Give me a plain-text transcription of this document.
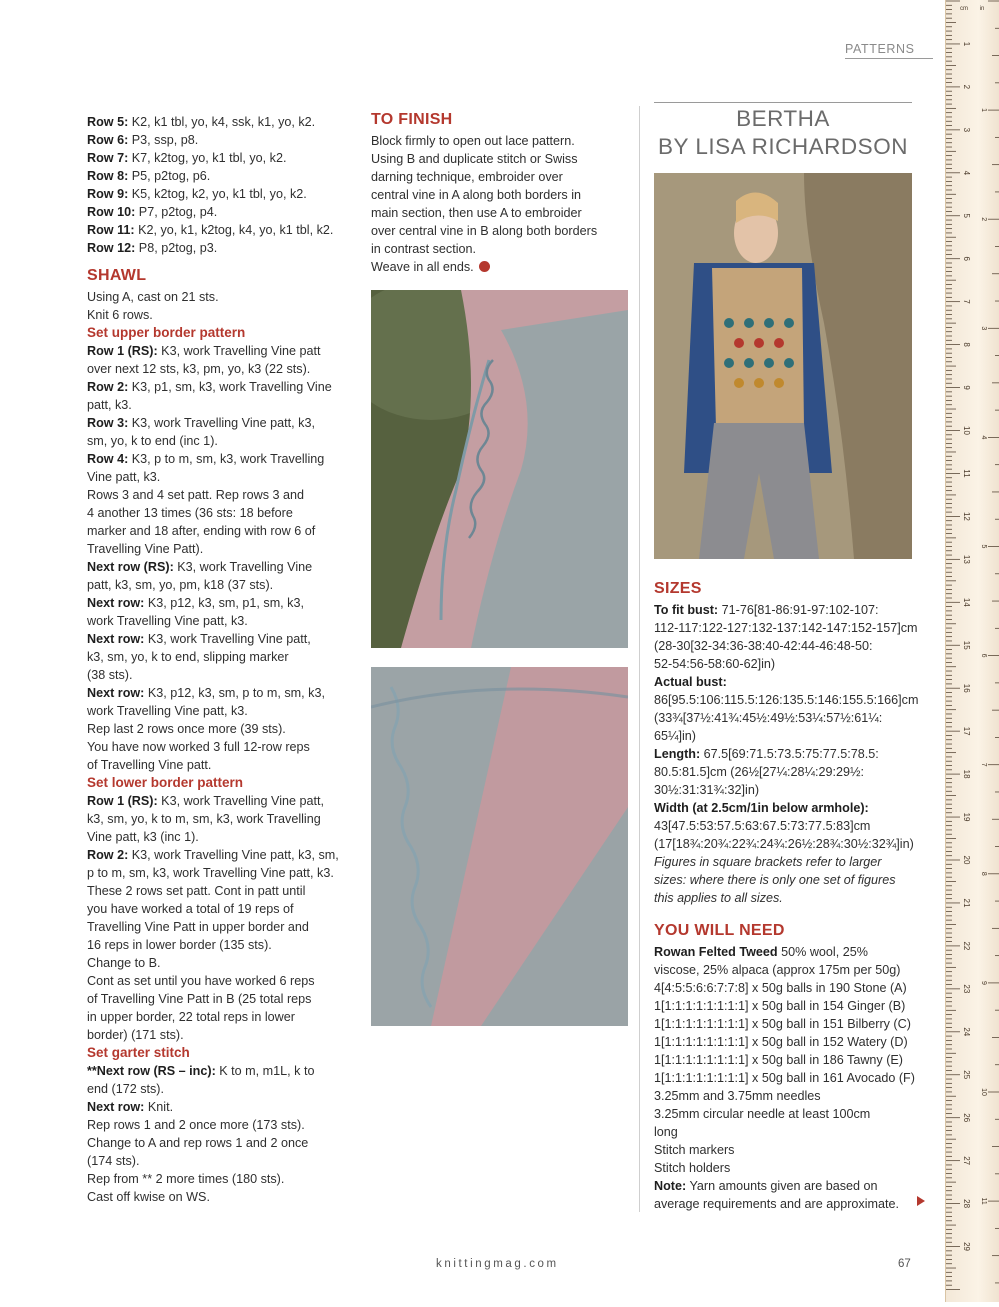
PATTERNS
Row 5: K2, k1 tbl, yo, k4, ssk, k1, yo, k2.
Row 6: P3, ssp, p8.
Row 7: K7, k2tog, yo, k1 tbl, yo, k2.
Row 8: P5, p2tog, p6.
Row 9: K5, k2tog, k2, yo, k1 tbl, yo, k2.
Row 10: P7, p2tog, p4.
Row 11: K2, yo, k1, k2tog, k4, yo, k1 tbl, k2.
Row 12: P8, p2tog, p3.
SHAWL
Using A, cast on 21 sts.
Knit 6 rows.
Set upper border pattern
Row 1 (RS): K3, work Travelling Vine patt
over next 12 sts, k3, pm, yo, k3 (22 sts).
Row 2: K3, p1, sm, k3, work Travelling Vine
patt, k3.
Row 3: K3, work Travelling Vine patt, k3,
sm, yo, k to end (inc 1).
Row 4: K3, p to m, sm, k3, work Travelling
Vine patt, k3.
Rows 3 and 4 set patt. Rep rows 3 and
4 another 13 times (36 sts: 18 before
marker and 18 after, ending with row 6 of
Travelling Vine Patt).
Next row (RS): K3, work Travelling Vine
patt, k3, sm, yo, pm, k18 (37 sts).
Next row: K3, p12, k3, sm, p1, sm, k3,
work Travelling Vine patt, k3.
Next row: K3, work Travelling Vine patt,
k3, sm, yo, k to end, slipping marker
(38 sts).
Next row: K3, p12, k3, sm, p to m, sm, k3,
work Travelling Vine patt, k3.
Rep last 2 rows once more (39 sts).
You have now worked 3 full 12-row reps
of Travelling Vine patt.
Set lower border pattern
Row 1 (RS): K3, work Travelling Vine patt,
k3, sm, yo, k to m, sm, k3, work Travelling
Vine patt, k3 (inc 1).
Row 2: K3, work Travelling Vine patt, k3, sm,
p to m, sm, k3, work Travelling Vine patt, k3.
These 2 rows set patt. Cont in patt until
you have worked a total of 19 reps of
Travelling Vine Patt in upper border and
16 reps in lower border (135 sts).
Change to B.
Cont as set until you have worked 6 reps
of Travelling Vine Patt in B (25 total reps
in upper border, 22 total reps in lower
border) (171 sts).
Set garter stitch
**Next row (RS – inc): K to m, m1L, k to
end (172 sts).
Next row: Knit.
Rep rows 1 and 2 once more (173 sts).
Change to A and rep rows 1 and 2 once
(174 sts).
Rep from ** 2 more times (180 sts).
Cast off kwise on WS.
TO FINISH
Block firmly to open out lace pattern.
Using B and duplicate stitch or Swiss
darning technique, embroider over
central vine in A along both borders in
main section, then use A to embroider
over central vine in B along both borders
in contrast section.
Weave in all ends.
BERTHA
BY LISA RICHARDSON
SIZES
To fit bust: 71-76[81-86:91-97:102-107:
112-117:122-127:132-137:142-147:152-157]cm
(28-30[32-34:36-38:40-42:44-46:48-50:
52-54:56-58:60-62]in)
Actual bust:
86[95.5:106:115.5:126:135.5:146:155.5:166]cm
(33¾[37½:41¾:45½:49½:53¼:57½:61¼:
65¼]in)
Length: 67.5[69:71.5:73.5:75:77.5:78.5:
80.5:81.5]cm (26½[27¼:28¼:29:29½:
30½:31:31¾:32]in)
Width (at 2.5cm/1in below armhole):
43[47.5:53:57.5:63:67.5:73:77.5:83]cm
(17[18¾:20¾:22¾:24¾:26½:28¾:30½:32¾]in)
Figures in square brackets refer to larger
sizes: where there is only one set of figures
this applies to all sizes.
YOU WILL NEED
Rowan Felted Tweed 50% wool, 25%
viscose, 25% alpaca (approx 175m per 50g)
4[4:5:5:6:6:7:7:8] x 50g balls in 190 Stone (A)
1[1:1:1:1:1:1:1:1] x 50g ball in 154 Ginger (B)
1[1:1:1:1:1:1:1:1] x 50g ball in 151 Bilberry (C)
1[1:1:1:1:1:1:1:1] x 50g ball in 152 Watery (D)
1[1:1:1:1:1:1:1:1] x 50g ball in 186 Tawny (E)
1[1:1:1:1:1:1:1:1] x 50g ball in 161 Avocado (F)
3.25mm and 3.75mm needles
3.25mm circular needle at least 100cm
long
Stitch markers
Stitch holders
Note: Yarn amounts given are based on
average requirements and are approximate.
knittingmag.com	67
1
2
3
4
5
6
7
8
9
10
11
12
13
14
15
16
17
18
19
20
21
22
23
24
25
26
27
28
29
1
2
3
4
5
6
7
8
9
10
11
cm in
